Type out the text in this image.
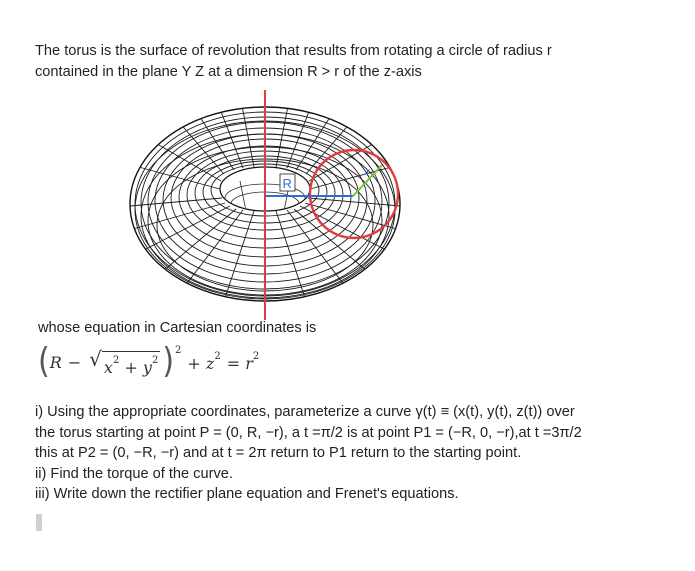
The torus is the surface of revolution that results from rotating a circle of radius r
contained in the plane Y Z at a dimension R > r of the z-axis

R
r

whose equation in Cartesian coordinates is

( R − √ $x^2 + y^2$ ) 2
+ $z^2 = r^2$
i) Using the appropriate coordinates, parameterize a curve γ(t) ≡ (x(t), y(t), z(t)) over
the torus starting at point P = (0, R, −r), a t =π/2 is at point P1 = (−R, 0, −r),at t =3π/2
this at P2 = (0, −R, −r) and at t = 2π return to P1 return to the starting point.
ii) Find the torque of the curve.
iii) Write down the rectifier plane equation and Frenet's equations.
